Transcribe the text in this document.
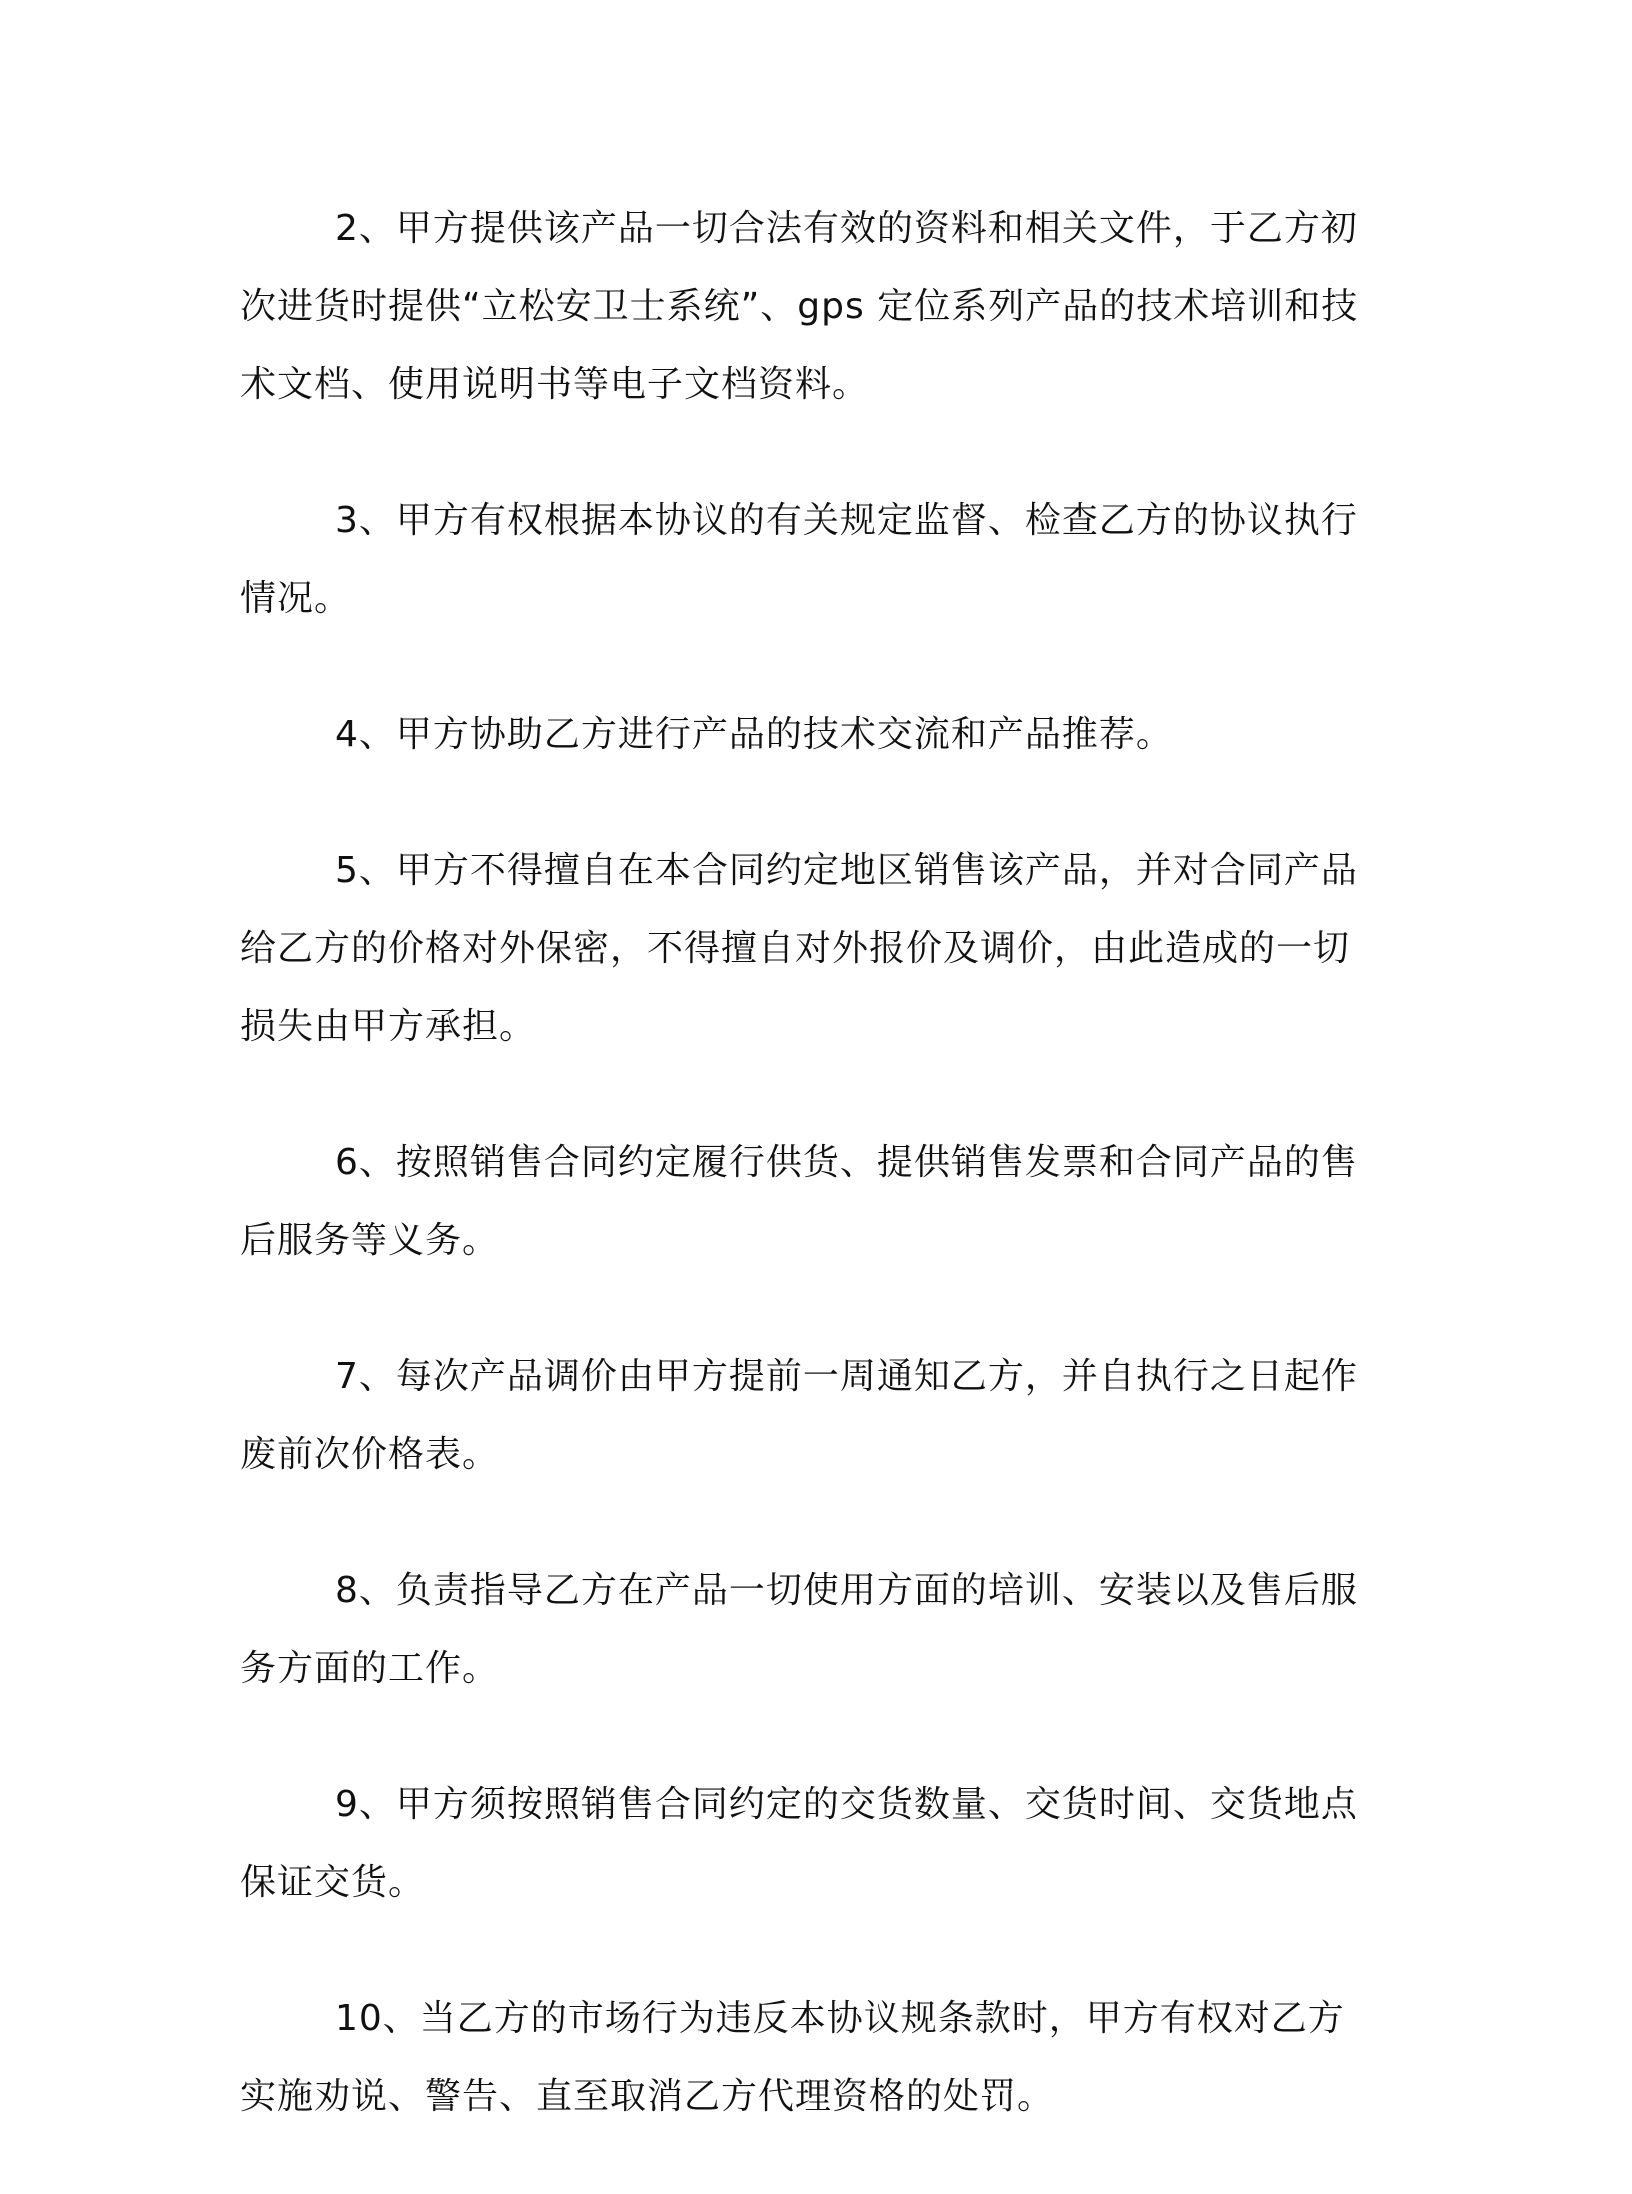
2、甲方提供该产品一切合法有效的资料和相关文件，于乙方初次进货时提供“立松安卫士系统”、gps 定位系列产品的技术培训和技术文档、使用说明书等电子文档资料。

3、甲方有权根据本协议的有关规定监督、检查乙方的协议执行情况。

4、甲方协助乙方进行产品的技术交流和产品推荐。

5、甲方不得擅自在本合同约定地区销售该产品，并对合同产品给乙方的价格对外保密，不得擅自对外报价及调价，由此造成的一切损失由甲方承担。

6、按照销售合同约定履行供货、提供销售发票和合同产品的售后服务等义务。

7、每次产品调价由甲方提前一周通知乙方，并自执行之日起作废前次价格表。

8、负责指导乙方在产品一切使用方面的培训、安装以及售后服务方面的工作。

9、甲方须按照销售合同约定的交货数量、交货时间、交货地点保证交货。

10、当乙方的市场行为违反本协议规条款时，甲方有权对乙方实施劝说、警告、直至取消乙方代理资格的处罚。
